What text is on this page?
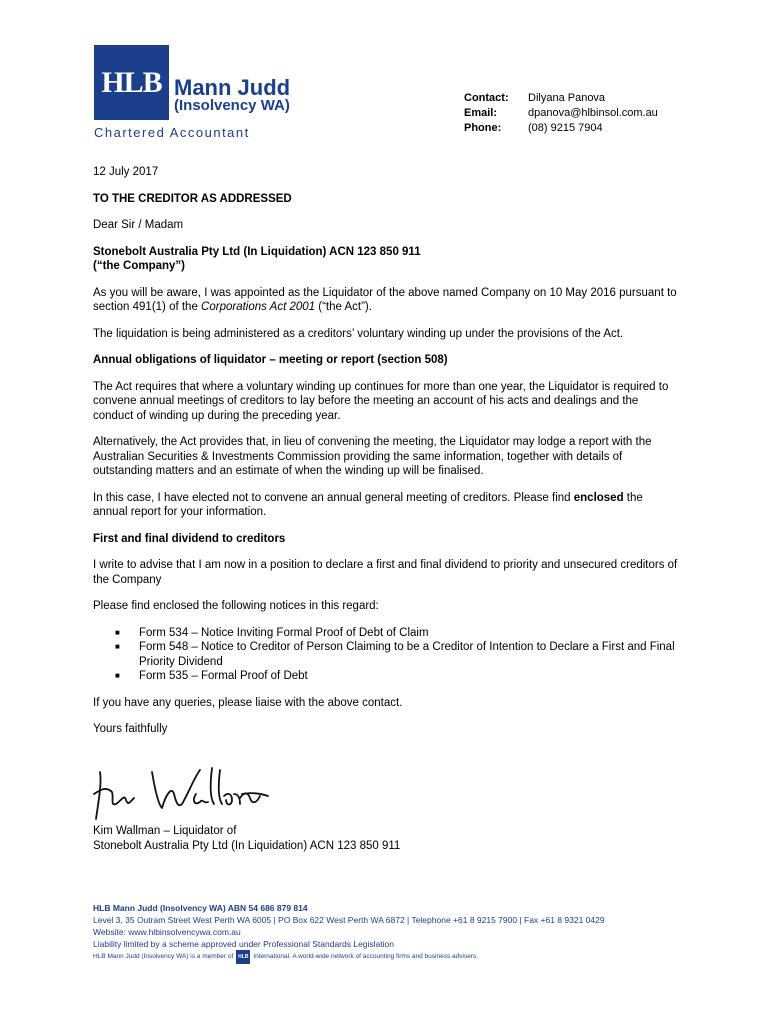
HLB Mann Judd
(Insolvency WA)
Chartered Accountant
Contact:	Dilyana Panova
Email:	dpanova@hlbinsol.com.au
Phone:	(08) 9215 7904

12 July 2017

TO THE CREDITOR AS ADDRESSED

Dear Sir / Madam

Stonebolt Australia Pty Ltd (In Liquidation) ACN 123 850 911
(“the Company”)

As you will be aware, I was appointed as the Liquidator of the above named Company on 10 May 2016 pursuant to section 491(1) of the Corporations Act 2001 (“the Act”).

The liquidation is being administered as a creditors’ voluntary winding up under the provisions of the Act.

Annual obligations of liquidator – meeting or report (section 508)

The Act requires that where a voluntary winding up continues for more than one year, the Liquidator is required to convene annual meetings of creditors to lay before the meeting an account of his acts and dealings and the conduct of winding up during the preceding year.

Alternatively, the Act provides that, in lieu of convening the meeting, the Liquidator may lodge a report with the Australian Securities & Investments Commission providing the same information, together with details of outstanding matters and an estimate of when the winding up will be finalised.

In this case, I have elected not to convene an annual general meeting of creditors. Please find enclosed the annual report for your information.

First and final dividend to creditors

I write to advise that I am now in a position to declare a first and final dividend to priority and unsecured creditors of the Company

Please find enclosed the following notices in this regard:

■ Form 534 – Notice Inviting Formal Proof of Debt of Claim
■ Form 548 – Notice to Creditor of Person Claiming to be a Creditor of Intention to Declare a First and Final Priority Dividend
■ Form 535 – Formal Proof of Debt

If you have any queries, please liaise with the above contact.

Yours faithfully

Kim Wallman – Liquidator of
Stonebolt Australia Pty Ltd (In Liquidation) ACN 123 850 911
HLB Mann Judd (Insolvency WA) ABN 54 686 879 814
Level 3, 35 Outram Street West Perth WA 6005 | PO Box 622 West Perth WA 6872 | Telephone +61 8 9215 7900 | Fax +61 8 9321 0429
Website: www.hlbinsolvencywa.com.au
Liability limited by a scheme approved under Professional Standards Legislation
HLB Mann Judd (Insolvency WA) is a member of HLB International. A world-wide network of accounting firms and business advisers.
